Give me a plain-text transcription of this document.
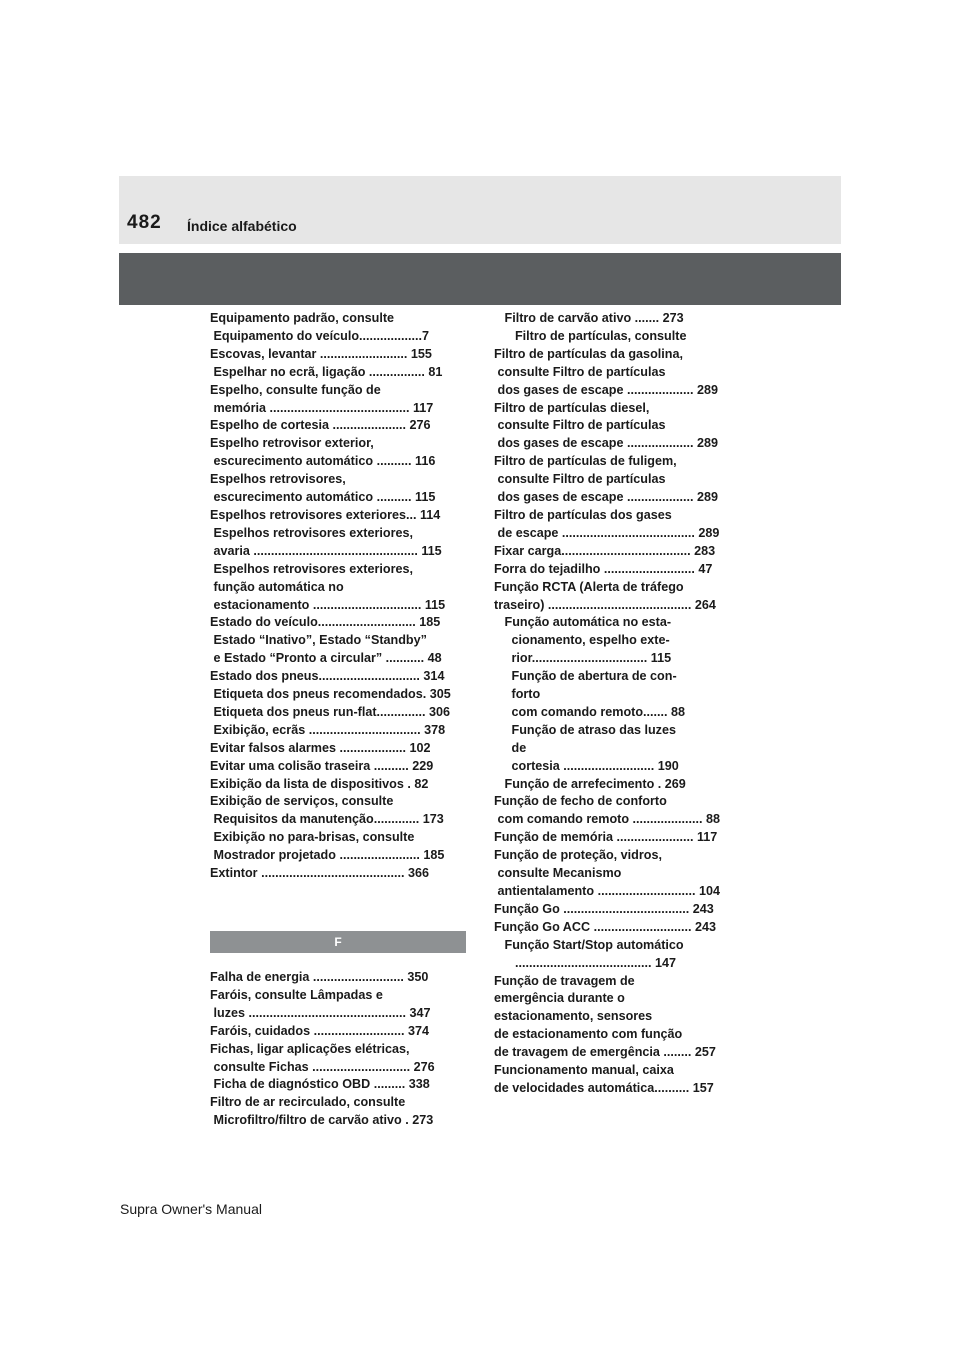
482 Índice alfabético
Equipamento padrão, consulte
Equipamento do veículo..................7
Escovas, levantar ......................... 155
Espelhar no ecrã, ligação ................ 81
Espelho, consulte função de
memória ........................................ 117
Espelho de cortesia ..................... 276
Espelho retrovisor exterior,
escurecimento automático .......... 116
Espelhos retrovisores,
escurecimento automático .......... 115
Espelhos retrovisores exteriores... 114
Espelhos retrovisores exteriores,
avaria ............................................... 115
Espelhos retrovisores exteriores,
função automática no
estacionamento ............................... 115
Estado do veículo............................ 185
Estado “Inativo”, Estado “Standby”
e Estado “Pronto a circular” ........... 48
Estado dos pneus............................. 314
Etiqueta dos pneus recomendados. 305
Etiqueta dos pneus run-flat.............. 306
Exibição, ecrãs ................................ 378
Evitar falsos alarmes ................... 102
Evitar uma colisão traseira .......... 229
Exibição da lista de dispositivos . 82
Exibição de serviços, consulte
Requisitos da manutenção............. 173
Exibição no para-brisas, consulte
Mostrador projetado ....................... 185
Extintor ......................................... 366
F
Falha de energia .......................... 350
Faróis, consulte Lâmpadas e
luzes ............................................. 347
Faróis, cuidados .......................... 374
Fichas, ligar aplicações elétricas,
consulte Fichas ............................ 276
Ficha de diagnóstico OBD ......... 338
Filtro de ar recirculado, consulte
Microfiltro/filtro de carvão ativo . 273
Filtro de carvão ativo ....... 273
Filtro de partículas, consulte
Filtro de partículas da gasolina,
consulte Filtro de partículas
dos gases de escape ................... 289
Filtro de partículas diesel,
consulte Filtro de partículas
dos gases de escape ................... 289
Filtro de partículas de fuligem,
consulte Filtro de partículas
dos gases de escape ................... 289
Filtro de partículas dos gases
de escape ...................................... 289
Fixar carga..................................... 283
Forra do tejadilho .......................... 47
Função RCTA (Alerta de tráfego
traseiro) ......................................... 264
Função automática no esta-
cionamento, espelho exte-
rior................................. 115
Função de abertura de con-
forto
com comando remoto....... 88
Função de atraso das luzes
de
cortesia .......................... 190
Função de arrefecimento . 269
Função de fecho de conforto
com comando remoto .................... 88
Função de memória ...................... 117
Função de proteção, vidros,
consulte Mecanismo
antientalamento ............................ 104
Função Go .................................... 243
Função Go ACC ............................ 243
Função Start/Stop automático
....................................... 147
Função de travagem de
emergência durante o
estacionamento, sensores
de estacionamento com função
de travagem de emergência ........ 257
Funcionamento manual, caixa
de velocidades automática.......... 157
Supra Owner's Manual
